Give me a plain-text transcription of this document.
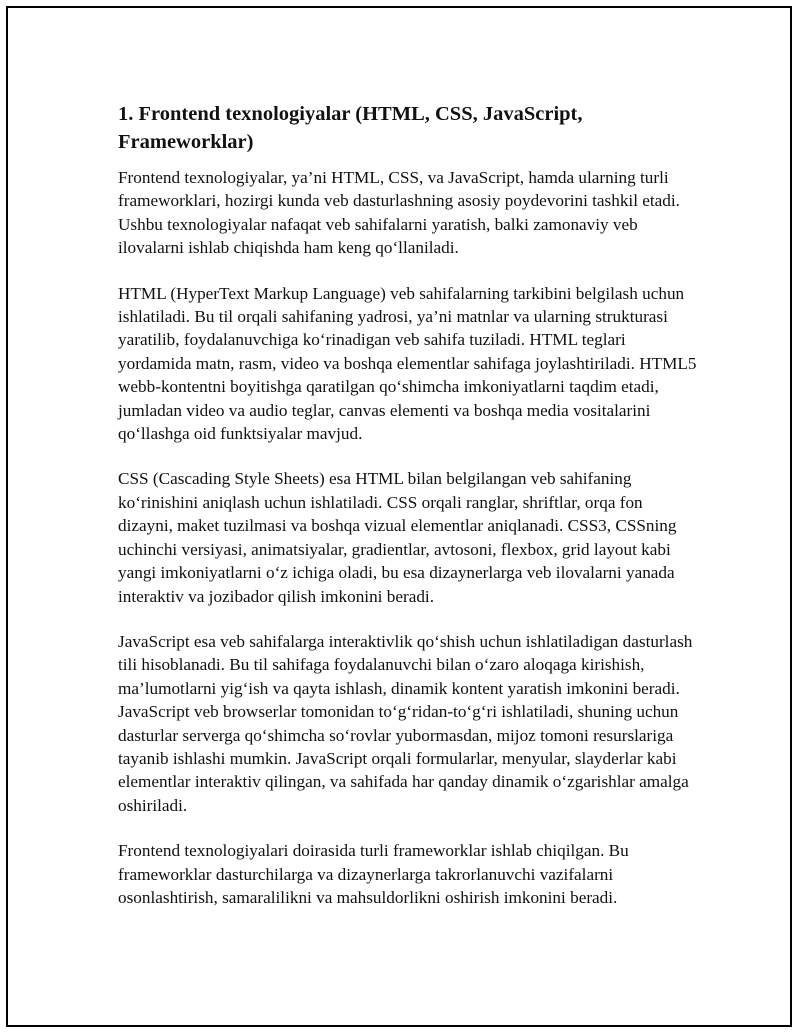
1. Frontend texnologiyalar (HTML, CSS, JavaScript, Frameworklar)

Frontend texnologiyalar, ya’ni HTML, CSS, va JavaScript, hamda ularning turli frameworklari, hozirgi kunda veb dasturlashning asosiy poydevorini tashkil etadi. Ushbu texnologiyalar nafaqat veb sahifalarni yaratish, balki zamonaviy veb ilovalarni ishlab chiqishda ham keng qo‘llaniladi.

HTML (HyperText Markup Language) veb sahifalarning tarkibini belgilash uchun ishlatiladi. Bu til orqali sahifaning yadrosi, ya’ni matnlar va ularning strukturasi yaratilib, foydalanuvchiga ko‘rinadigan veb sahifa tuziladi. HTML teglari yordamida matn, rasm, video va boshqa elementlar sahifaga joylashtiriladi. HTML5 webb-kontentni boyitishga qaratilgan qo‘shimcha imkoniyatlarni taqdim etadi, jumladan video va audio teglar, canvas elementi va boshqa media vositalarini qo‘llashga oid funktsiyalar mavjud.

CSS (Cascading Style Sheets) esa HTML bilan belgilangan veb sahifaning ko‘rinishini aniqlash uchun ishlatiladi. CSS orqali ranglar, shriftlar, orqa fon dizayni, maket tuzilmasi va boshqa vizual elementlar aniqlanadi. CSS3, CSSning uchinchi versiyasi, animatsiyalar, gradientlar, avtosoni, flexbox, grid layout kabi yangi imkoniyatlarni o‘z ichiga oladi, bu esa dizaynerlarga veb ilovalarni yanada interaktiv va jozibador qilish imkonini beradi.

JavaScript esa veb sahifalarga interaktivlik qo‘shish uchun ishlatiladigan dasturlash tili hisoblanadi. Bu til sahifaga foydalanuvchi bilan o‘zaro aloqaga kirishish, ma’lumotlarni yig‘ish va qayta ishlash, dinamik kontent yaratish imkonini beradi. JavaScript veb browserlar tomonidan to‘g‘ridan-to‘g‘ri ishlatiladi, shuning uchun dasturlar serverga qo‘shimcha so‘rovlar yubormasdan, mijoz tomoni resurslariga tayanib ishlashi mumkin. JavaScript orqali formularlar, menyular, slayderlar kabi elementlar interaktiv qilingan, va sahifada har qanday dinamik o‘zgarishlar amalga oshiriladi.

Frontend texnologiyalari doirasida turli frameworklar ishlab chiqilgan. Bu frameworklar dasturchilarga va dizaynerlarga takrorlanuvchi vazifalarni osonlashtirish, samaralilikni va mahsuldorlikni oshirish imkonini beradi.
